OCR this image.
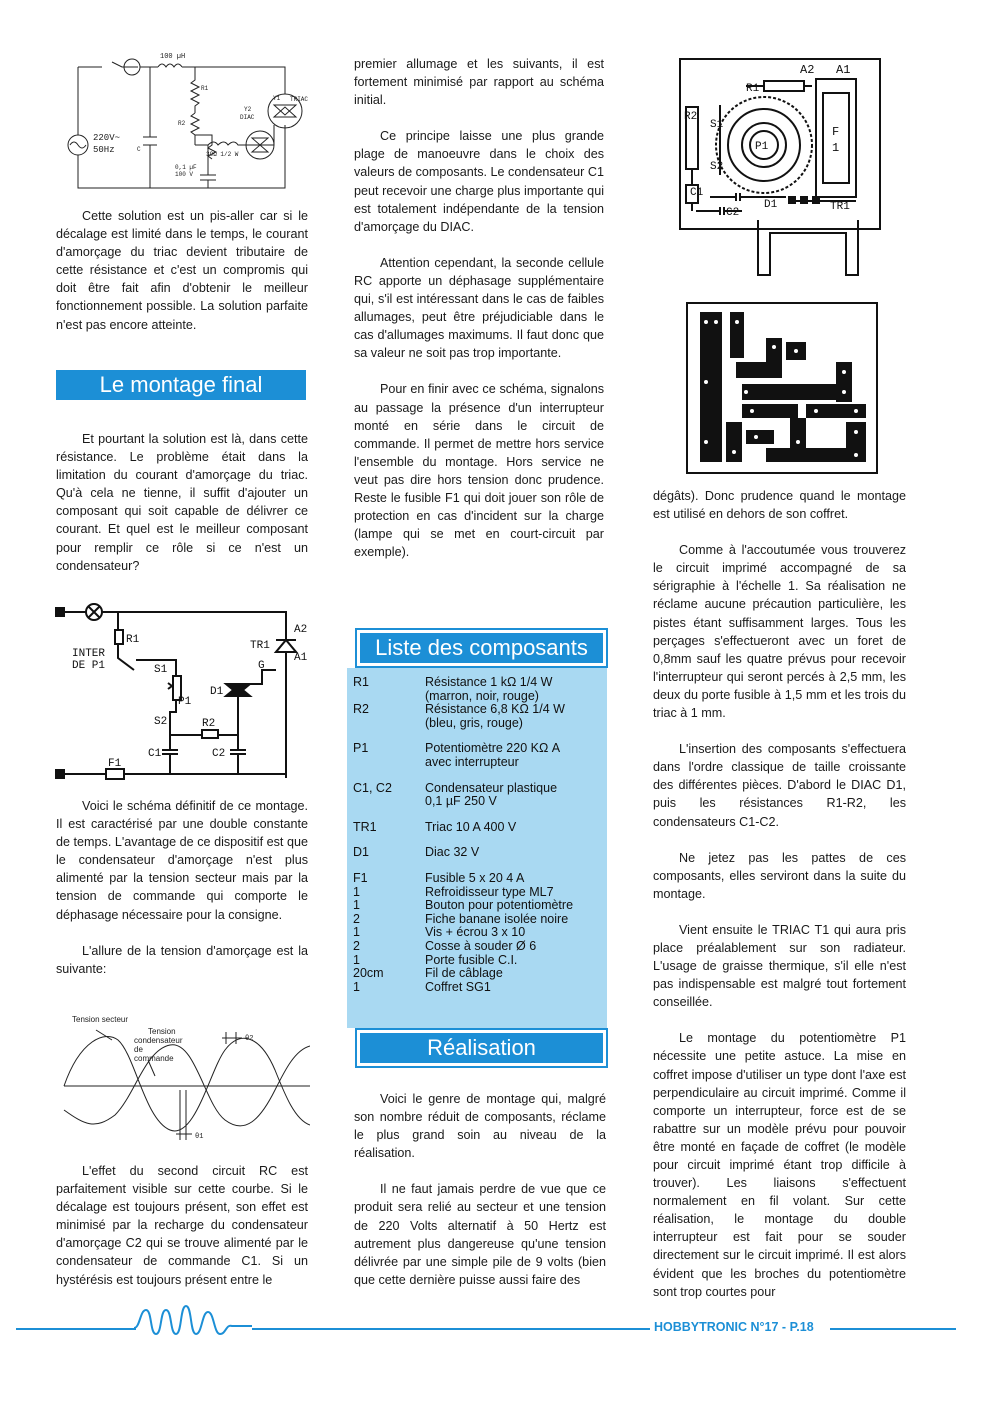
100 µH
R1
R2
Y1 TRIAC
Y2
DIAC
39Ω 1/2 W
0,1 µF
100 V
C
220V~
50Hz

Cette solution est un pis-aller car si le décalage est limité dans le temps, le courant d'amorçage du triac devient tributaire de cette résistance et c'est un compromis qui doit être fait afin d'obtenir le meilleur fonctionnement possible. La solution parfaite n'est pas encore atteinte.

Le montage final

Et pourtant la solution est là, dans cette résistance. Le problème était dans la limitation du courant d'amorçage du triac. Qu'à cela ne tienne, il suffit d'ajouter un composant qui soit capable de délivrer ce courant. Et quel est le meilleur composant pour remplir ce rôle si ce n'est un condensateur?

R1
INTER
DE P1	S1
P1
S2	R2
C1	C2
D1
TR1
A2
A1
G
F1

Voici le schéma définitif de ce montage. Il est caractérisé par une double constante de temps. L'avantage de ce dispositif est que le condensateur d'amorçage n'est plus alimenté par la tension secteur mais par la tension de commande qui comporte le déphasage nécessaire pour la consigne.

L'allure de la tension d'amorçage est la suivante:

Tension secteur
Tension
condensateur
de
commande
θ2
θ1

L'effet du second circuit RC est parfaitement visible sur cette courbe. Si le décalage est toujours présent, son effet est minimisé par la recharge du condensateur d'amorçage C2 qui se trouve alimenté par le condensateur de commande C1. Si un hystérésis est toujours présent entre le

premier allumage et les suivants, il est fortement minimisé par rapport au schéma initial.

Ce principe laisse une plus grande plage de manoeuvre dans le choix des valeurs de composants. Le condensateur C1 peut recevoir une charge plus importante qui est totalement indépendante de la tension d'amorçage du DIAC.

Attention cependant, la seconde cellule RC apporte un déphasage supplémentaire qui, s'il est intéressant dans le cas de faibles allumages, peut être préjudiciable dans le cas d'allumages maximums. Il faut donc que sa valeur ne soit pas trop importante.

Pour en finir avec ce schéma, signalons au passage la présence d'un interrupteur monté en série dans le circuit de commande. Il permet de mettre hors service l'ensemble du montage. Hors service ne veut pas dire hors tension donc prudence. Reste le fusible F1 qui doit jouer son rôle de protection en cas d'incident sur la charge (lampe qui se met en court-circuit par exemple).

Liste des composants
R1	Résistance 1 kΩ 1/4 W
(marron, noir, rouge)
R2	Résistance 6,8 KΩ 1/4 W
(bleu, gris, rouge)
P1	Potentiomètre 220 KΩ A
avec interrupteur
C1, C2	Condensateur plastique
0,1 µF 250 V
TR1	Triac 10 A 400 V
D1	Diac 32 V
F1	Fusible 5 x 20 4 A
1	Refroidisseur type ML7
1	Bouton pour potentiomètre
2	Fiche banane isolée noire
1	Vis + écrou 3 x 10
2	Cosse à souder Ø 6
1	Porte fusible C.I.
20cm	Fil de câblage
1	Coffret SG1
Réalisation

Voici le genre de montage qui, malgré son nombre réduit de composants, réclame le plus grand soin au niveau de la réalisation.

Il ne faut jamais perdre de vue que ce produit sera relié au secteur et une tension de 220 Volts alternatif à 50 Hertz est autrement plus dangereuse qu'une tension délivrée par une simple pile de 9 volts (bien que cette dernière puisse aussi faire des

A2 A1
R1
R2
S1
S2
P1
F
1
C1
C2
D1	TR1

dégâts). Donc prudence quand le montage est utilisé en dehors de son coffret.

Comme à l'accoutumée vous trouverez le circuit imprimé accompagné de sa sérigraphie à l'échelle 1. Sa réalisation ne réclame aucune précaution particulière, les pistes étant suffisamment larges. Tous les perçages s'effectueront avec un foret de 0,8mm sauf les quatre prévus pour recevoir l'interrupteur qui seront percés à 2,5 mm, les deux du porte fusible à 1,5 mm et les trois du triac à 1 mm.

L'insertion des composants s'effectuera dans l'ordre classique de taille croissante des différentes pièces. D'abord le DIAC D1, puis les résistances R1-R2, les condensateurs C1-C2.

Ne jetez pas les pattes de ces composants, elles serviront dans la suite du montage.

Vient ensuite le TRIAC T1 qui aura pris place préalablement sur son radiateur. L'usage de graisse thermique, s'il elle n'est pas indispensable est malgré tout fortement conseillée.

Le montage du potentiomètre P1 nécessite une petite astuce. La mise en coffret impose d'utiliser un type dont l'axe est perpendiculaire au circuit imprimé. Comme il comporte un interrupteur, force est de se rabattre sur un modèle prévu pour pouvoir être monté en façade de coffret (le modèle pour circuit imprimé étant trop difficile à trouver). Les liaisons s'effectuent normalement en fil volant. Sur cette réalisation, le montage du double interrupteur est fait pour se souder directement sur le circuit imprimé. Il est alors évident que les broches du potentiomètre sont trop courtes pour

HOBBYTRONIC N°17 - P.18
